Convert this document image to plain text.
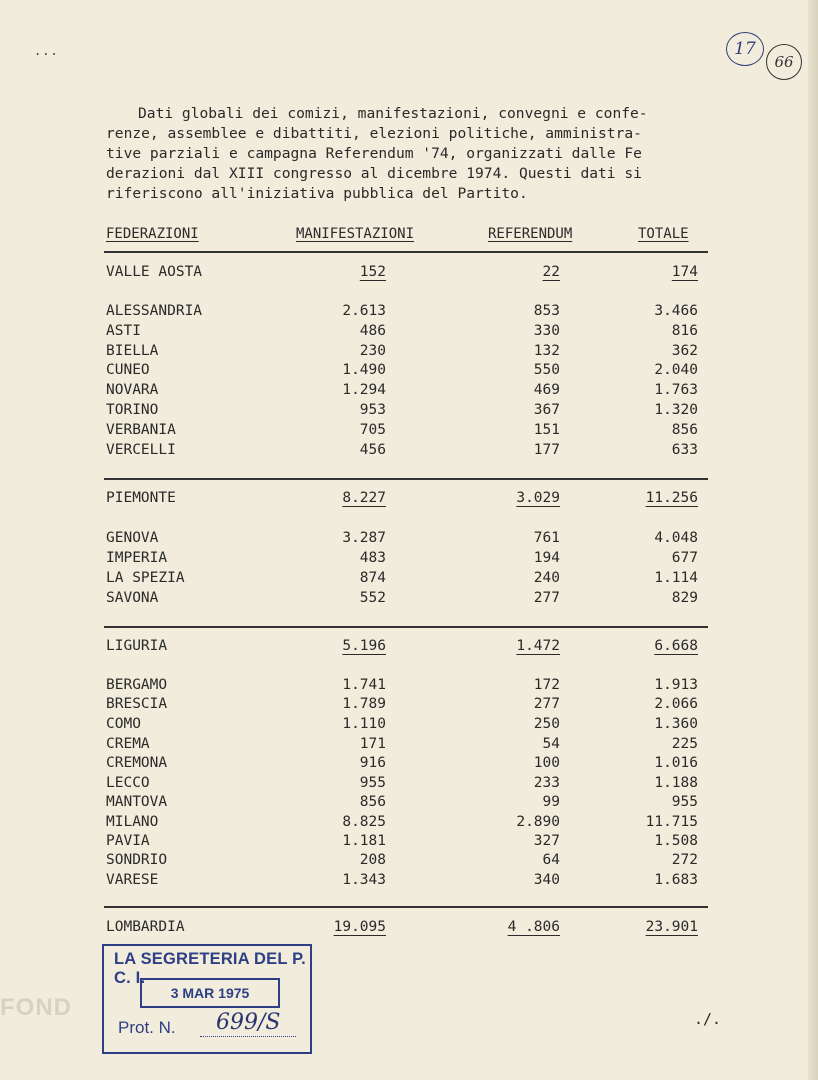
FOND
...	17
66
Dati globali dei comizi, manifestazioni, convegni e confe-
renze, assemblee e dibattiti, elezioni politiche, amministra-
tive parziali e campagna Referendum '74, organizzati dalle Fe
derazioni dal XIII congresso al dicembre 1974. Questi dati si
riferiscono all'iniziativa pubblica del Partito.
FEDERAZIONI	MANIFESTAZIONI	REFERENDUM	TOTALE
VALLE AOSTA	152	22	174
ALESSANDRIA	2.613	853	3.466
ASTI	486	330	816
BIELLA	230	132	362
CUNEO	1.490	550	2.040
NOVARA	1.294	469	1.763
TORINO	953	367	1.320
VERBANIA	705	151	856
VERCELLI	456	177	633
PIEMONTE	8.227	3.029	11.256
GENOVA	3.287	761	4.048
IMPERIA	483	194	677
LA SPEZIA	874	240	1.114
SAVONA	552	277	829
LIGURIA	5.196	1.472	6.668
BERGAMO	1.741	172	1.913
BRESCIA	1.789	277	2.066
COMO	1.110	250	1.360
CREMA	171	54	225
CREMONA	916	100	1.016
LECCO	955	233	1.188
MANTOVA	856	99	955
MILANO	8.825	2.890	11.715
PAVIA	1.181	327	1.508
SONDRIO	208	64	272
VARESE	1.343	340	1.683
LOMBARDIA	19.095	4 .806	23.901
LA SEGRETERIA DEL P. C. I.
3 MAR 1975
Prot. N. 699/S	./.
